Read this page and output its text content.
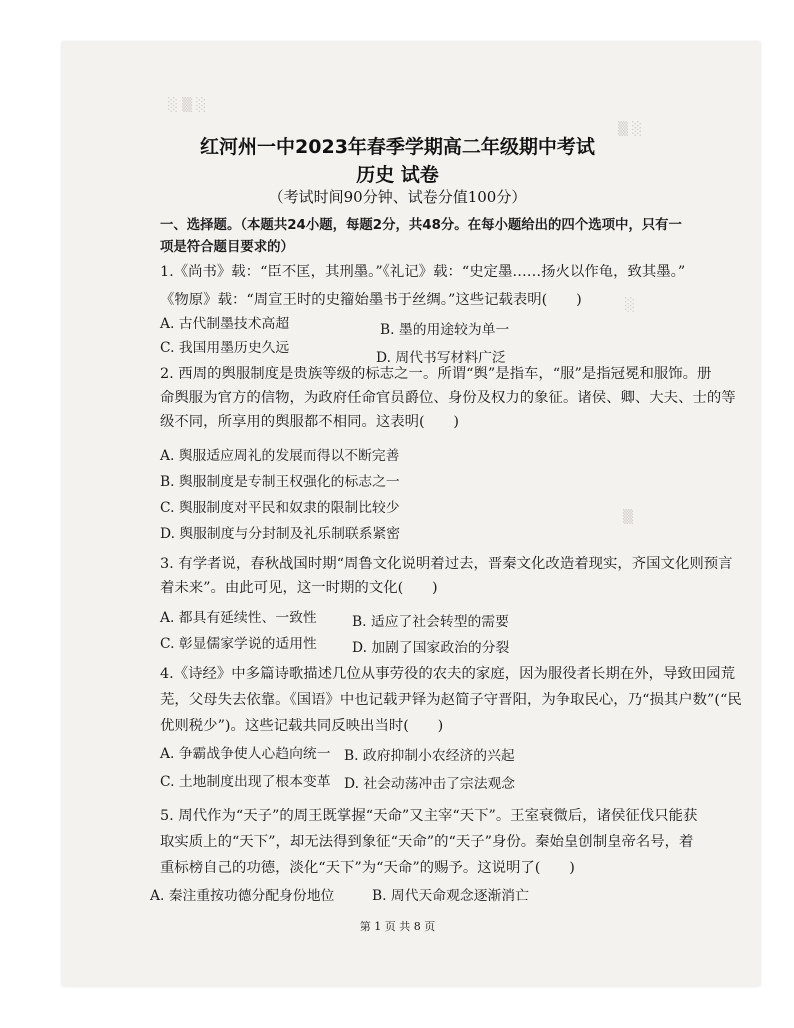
░ ▒ ░
▒ ░
░
▒
红河州一中2023年春季学期高二年级期中考试
历史 试卷
（考试时间90分钟、试卷分值100分）
一、选择题。（本题共24小题，每题2分，共48分。在每小题给出的四个选项中，只有一
项是符合题目要求的）
1.《尚书》载：“臣不匡，其刑墨。”《礼记》载：“史定墨……扬火以作龟，致其墨。”
《物原》载：“周宣王时的史籀始墨书于丝绸。”这些记载表明(　　)
A. 古代制墨技术高超	B. 墨的用途较为单一
C. 我国用墨历史久远
D. 周代书写材料广泛
2. 西周的舆服制度是贵族等级的标志之一。所谓“舆”是指车，“服”是指冠冕和服饰。册
命舆服为官方的信物，为政府任命官员爵位、身份及权力的象征。诸侯、卿、大夫、士的等
级不同，所享用的舆服都不相同。这表明(　　)
A. 舆服适应周礼的发展而得以不断完善
B. 舆服制度是专制王权强化的标志之一
C. 舆服制度对平民和奴隶的限制比较少
D. 舆服制度与分封制及礼乐制联系紧密
3. 有学者说，春秋战国时期“周鲁文化说明着过去，晋秦文化改造着现实，齐国文化则预言
着未来”。由此可见，这一时期的文化(　　)
A. 都具有延续性、一致性	B. 适应了社会转型的需要
C. 彰显儒家学说的适用性	D. 加剧了国家政治的分裂
4.《诗经》中多篇诗歌描述几位从事劳役的农夫的家庭，因为服役者长期在外，导致田园荒
芜，父母失去依靠。《国语》中也记载尹铎为赵简子守晋阳，为争取民心，乃“损其户数”(“民
优则税少”)。这些记载共同反映出当时(　　)
A. 争霸战争使人心趋向统一 B. 政府抑制小农经济的兴起
C. 土地制度出现了根本变革 D. 社会动荡冲击了宗法观念
5. 周代作为“天子”的周王既掌握“天命”又主宰“天下”。王室衰微后，诸侯征伐只能获
取实质上的“天下”，却无法得到象征“天命”的“天子”身份。秦始皇创制皇帝名号，着
重标榜自己的功德，淡化“天下”为“天命”的赐予。这说明了(　　)
A. 秦注重按功德分配身份地位	B. 周代天命观念逐渐消亡
第 1 页 共 8 页
